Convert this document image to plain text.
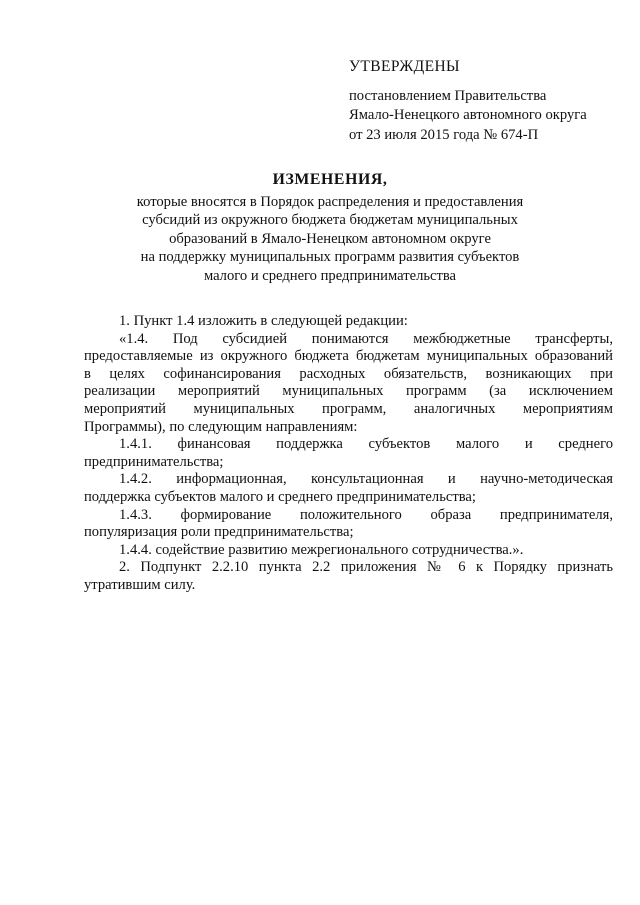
УТВЕРЖДЕНЫ
постановлением Правительства
Ямало-Ненецкого автономного округа
от 23 июля 2015 года № 674-П
ИЗМЕНЕНИЯ,
которые вносятся в Порядок распределения и предоставления
субсидий из окружного бюджета бюджетам муниципальных
образований в Ямало-Ненецком автономном округе
на поддержку муниципальных программ развития субъектов
малого и среднего предпринимательства
1. Пункт 1.4 изложить в следующей редакции:
«1.4. Под субсидией понимаются межбюджетные трансферты,
предоставляемые из окружного бюджета бюджетам муниципальных образований
в целях софинансирования расходных обязательств, возникающих при
реализации мероприятий муниципальных программ (за исключением
мероприятий муниципальных программ, аналогичных мероприятиям
Программы), по следующим направлениям:
1.4.1. финансовая поддержка субъектов малого и среднего
предпринимательства;
1.4.2. информационная, консультационная и научно-методическая
поддержка субъектов малого и среднего предпринимательства;
1.4.3. формирование положительного образа предпринимателя,
популяризация роли предпринимательства;
1.4.4. содействие развитию межрегионального сотрудничества.».
2. Подпункт 2.2.10 пункта 2.2 приложения № 6 к Порядку признать
утратившим силу.
